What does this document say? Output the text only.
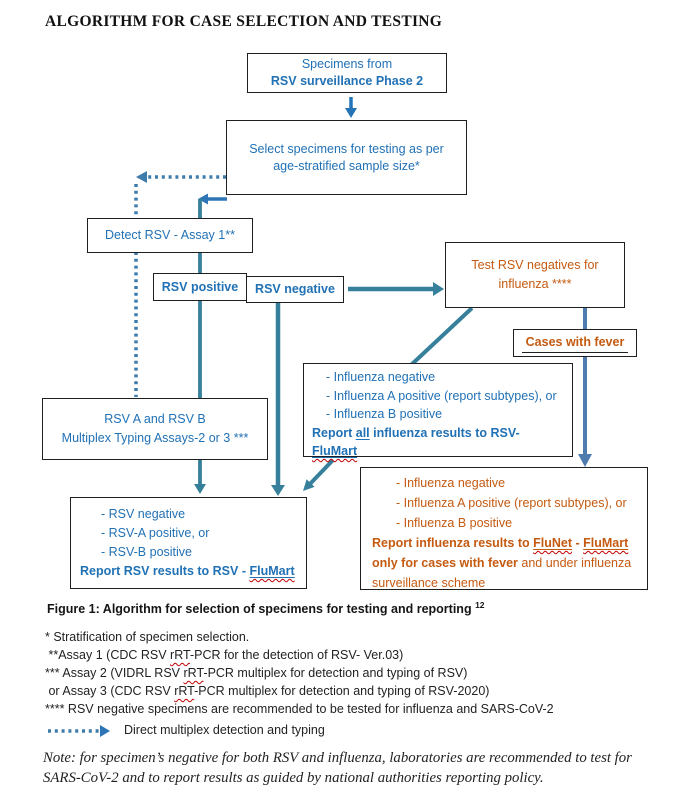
ALGORITHM FOR CASE SELECTION AND TESTING
Specimens from
RSV surveillance Phase 2
Select specimens for testing as per
age-stratified sample size*
Detect RSV - Assay 1**
RSV positive RSV negative
Test RSV negatives for
influenza ****
Cases with fever
RSV A and RSV B
Multiplex Typing Assays-2 or 3 ***
- Influenza negative
- Influenza A positive (report subtypes), or
- Influenza B positive
Report all influenza results to RSV-
FluMart
- RSV negative
- RSV-A positive, or
- RSV-B positive
Report RSV results to RSV - FluMart
- Influenza negative
- Influenza A positive (report subtypes), or
- Influenza B positive
Report influenza results to FluNet - FluMart
only for cases with fever and under influenza
surveillance scheme
Figure 1: Algorithm for selection of specimens for testing and reporting $^{12}$
* Stratification of specimen selection.
**Assay 1 (CDC RSV rRT-PCR for the detection of RSV- Ver.03)
*** Assay 2 (VIDRL RSV rRT-PCR multiplex for detection and typing of RSV)
or Assay 3 (CDC RSV rRT-PCR multiplex for detection and typing of RSV-2020)
**** RSV negative specimens are recommended to be tested for influenza and SARS-CoV-2
Direct multiplex detection and typing
Note: for specimen’s negative for both RSV and influenza, laboratories are recommended to test for SARS-CoV-2 and to report results as guided by national authorities reporting policy.
